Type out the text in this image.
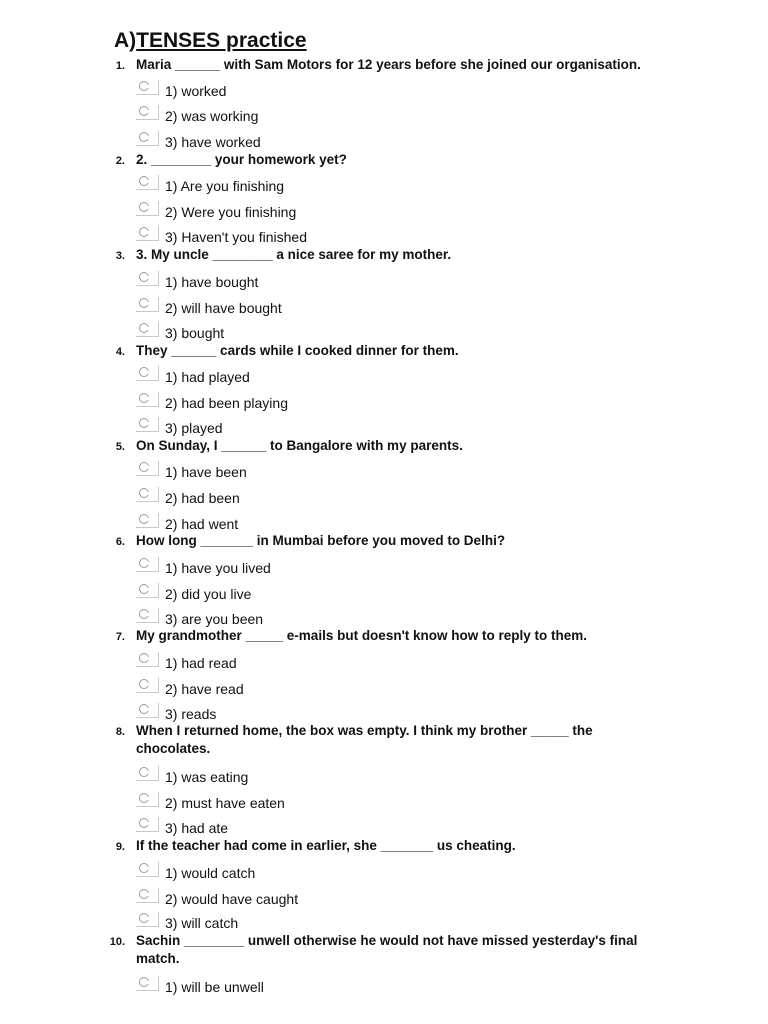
A)TENSES practice
1. Maria ______ with Sam Motors for 12 years before she joined our organisation.
1) worked
2) was working
3) have worked
2. 2. ________ your homework yet?
1) Are you finishing
2) Were you finishing
3) Haven't you finished
3. 3. My uncle ________ a nice saree for my mother.
1) have bought
2) will have bought
3) bought
4. They ______ cards while I cooked dinner for them.
1) had played
2) had been playing
3) played
5. On Sunday, I ______ to Bangalore with my parents.
1) have been
2) had been
2) had went
6. How long _______ in Mumbai before you moved to Delhi?
1) have you lived
2) did you live
3) are you been
7. My grandmother _____ e-mails but doesn't know how to reply to them.
1) had read
2) have read
3) reads
8. When I returned home, the box was empty. I think my brother _____ the chocolates.
1) was eating
2) must have eaten
3) had ate
9. If the teacher had come in earlier, she _______ us cheating.
1) would catch
2) would have caught
3) will catch
10. Sachin ________ unwell otherwise he would not have missed yesterday's final match.
1) will be unwell
